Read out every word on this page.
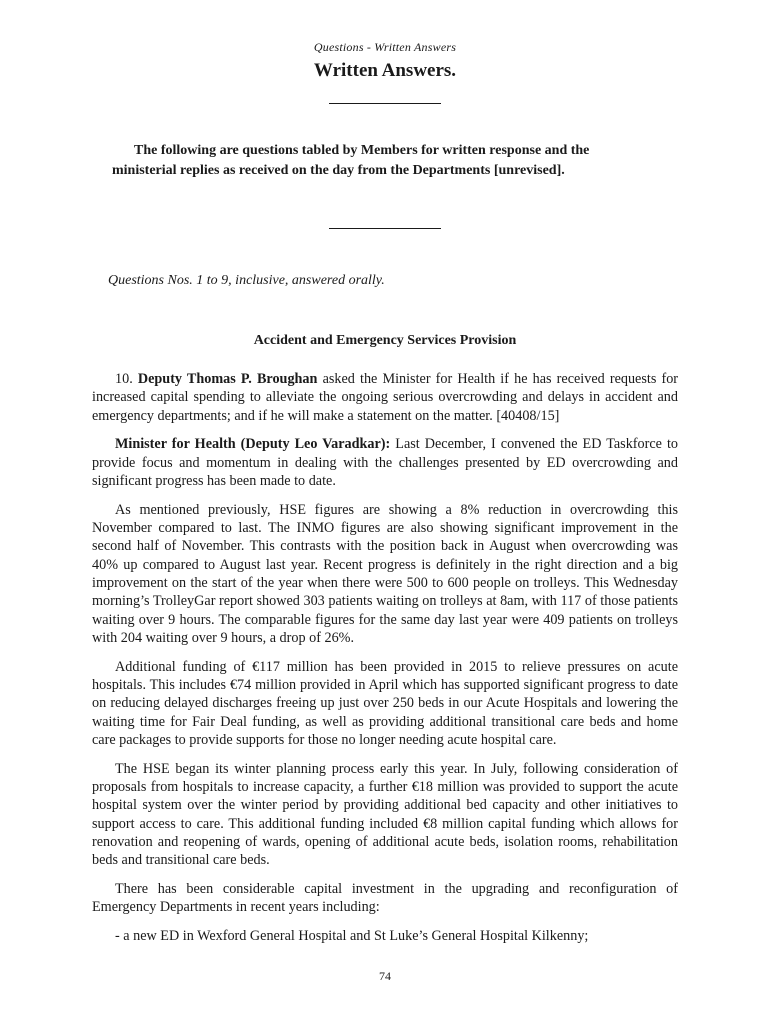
Questions - Written Answers
Written Answers.
The following are questions tabled by Members for written response and the ministerial replies as received on the day from the Departments [unrevised].
Questions Nos. 1 to 9, inclusive, answered orally.
Accident and Emergency Services Provision

10. Deputy Thomas P. Broughan asked the Minister for Health if he has received requests for increased capital spending to alleviate the ongoing serious overcrowding and delays in accident and emergency departments; and if he will make a statement on the matter. [40408/15]

Minister for Health (Deputy Leo Varadkar): Last December, I convened the ED Taskforce to provide focus and momentum in dealing with the challenges presented by ED overcrowding and significant progress has been made to date.

As mentioned previously, HSE figures are showing a 8% reduction in overcrowding this November compared to last. The INMO figures are also showing significant improvement in the second half of November. This contrasts with the position back in August when overcrowding was 40% up compared to August last year. Recent progress is definitely in the right direction and a big improvement on the start of the year when there were 500 to 600 people on trolleys. This Wednesday morning’s TrolleyGar report showed 303 patients waiting on trolleys at 8am, with 117 of those patients waiting over 9 hours. The comparable figures for the same day last year were 409 patients on trolleys with 204 waiting over 9 hours, a drop of 26%.

Additional funding of €117 million has been provided in 2015 to relieve pressures on acute hospitals. This includes €74 million provided in April which has supported significant progress to date on reducing delayed discharges freeing up just over 250 beds in our Acute Hospitals and lowering the waiting time for Fair Deal funding, as well as providing additional transitional care beds and home care packages to provide supports for those no longer needing acute hospital care.

The HSE began its winter planning process early this year. In July, following consideration of proposals from hospitals to increase capacity, a further €18 million was provided to support the acute hospital system over the winter period by providing additional bed capacity and other initiatives to support access to care. This additional funding included €8 million capital funding which allows for renovation and reopening of wards, opening of additional acute beds, isolation rooms, rehabilitation beds and transitional care beds.

There has been considerable capital investment in the upgrading and reconfiguration of Emergency Departments in recent years including:

- a new ED in Wexford General Hospital and St Luke’s General Hospital Kilkenny;

74
